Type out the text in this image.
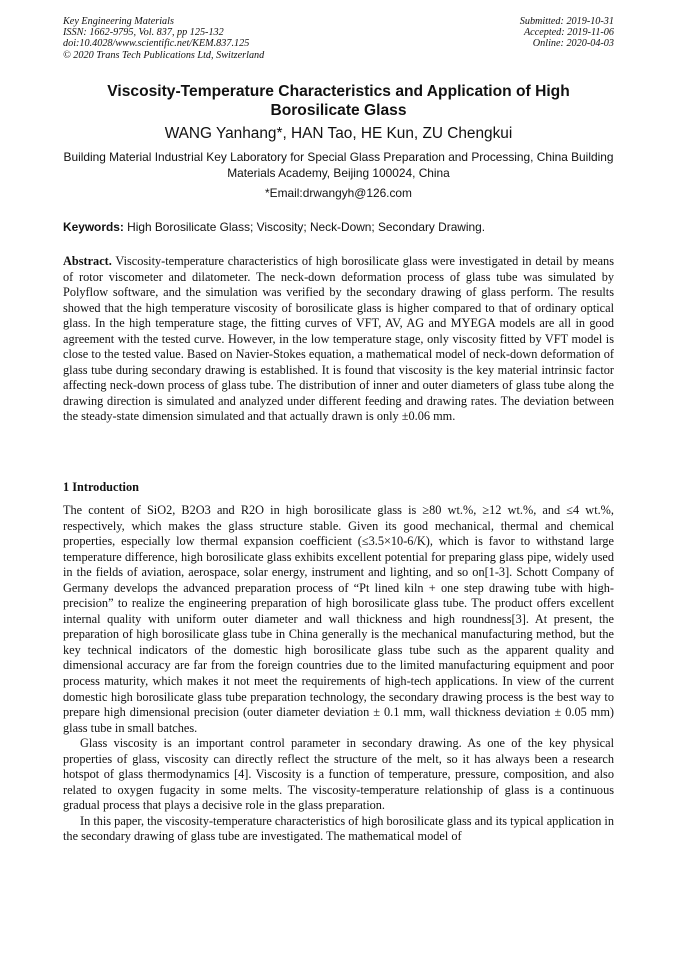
Key Engineering Materials
ISSN: 1662-9795, Vol. 837, pp 125-132
doi:10.4028/www.scientific.net/KEM.837.125
© 2020 Trans Tech Publications Ltd, Switzerland
Submitted: 2019-10-31
Accepted: 2019-11-06
Online: 2020-04-03
Viscosity-Temperature Characteristics and Application of High Borosilicate Glass
WANG Yanhang*, HAN Tao, HE Kun, ZU Chengkui
Building Material Industrial Key Laboratory for Special Glass Preparation and Processing, China Building Materials Academy, Beijing 100024, China
*Email:drwangyh@126.com
Keywords: High Borosilicate Glass; Viscosity; Neck-Down; Secondary Drawing.
Abstract. Viscosity-temperature characteristics of high borosilicate glass were investigated in detail by means of rotor viscometer and dilatometer. The neck-down deformation process of glass tube was simulated by Polyflow software, and the simulation was verified by the secondary drawing of glass perform. The results showed that the high temperature viscosity of borosilicate glass is higher compared to that of ordinary optical glass. In the high temperature stage, the fitting curves of VFT, AV, AG and MYEGA models are all in good agreement with the tested curve. However, in the low temperature stage, only viscosity fitted by VFT model is close to the tested value. Based on Navier-Stokes equation, a mathematical model of neck-down deformation of glass tube during secondary drawing is established. It is found that viscosity is the key material intrinsic factor affecting neck-down process of glass tube. The distribution of inner and outer diameters of glass tube along the drawing direction is simulated and analyzed under different feeding and drawing rates. The deviation between the steady-state dimension simulated and that actually drawn is only ±0.06 mm.
1 Introduction

The content of SiO2, B2O3 and R2O in high borosilicate glass is ≥80 wt.%, ≥12 wt.%, and ≤4 wt.%, respectively, which makes the glass structure stable. Given its good mechanical, thermal and chemical properties, especially low thermal expansion coefficient (≤3.5×10-6/K), which is favor to withstand large temperature difference, high borosilicate glass exhibits excellent potential for preparing glass pipe, widely used in the fields of aviation, aerospace, solar energy, instrument and lighting, and so on[1-3]. Schott Company of Germany develops the advanced preparation process of “Pt lined kiln + one step drawing tube with high-precision” to realize the engineering preparation of high borosilicate glass tube. The product offers excellent internal quality with uniform outer diameter and wall thickness and high roundness[3]. At present, the preparation of high borosilicate glass tube in China generally is the mechanical manufacturing method, but the key technical indicators of the domestic high borosilicate glass tube such as the apparent quality and dimensional accuracy are far from the foreign countries due to the limited manufacturing equipment and poor process maturity, which makes it not meet the requirements of high-tech applications. In view of the current domestic high borosilicate glass tube preparation technology, the secondary drawing process is the best way to prepare high dimensional precision (outer diameter deviation ± 0.1 mm, wall thickness deviation ± 0.05 mm) glass tube in small batches.

Glass viscosity is an important control parameter in secondary drawing. As one of the key physical properties of glass, viscosity can directly reflect the structure of the melt, so it has always been a research hotspot of glass thermodynamics [4]. Viscosity is a function of temperature, pressure, composition, and also related to oxygen fugacity in some melts. The viscosity-temperature relationship of glass is a continuous gradual process that plays a decisive role in the glass preparation.

In this paper, the viscosity-temperature characteristics of high borosilicate glass and its typical application in the secondary drawing of glass tube are investigated. The mathematical model of
